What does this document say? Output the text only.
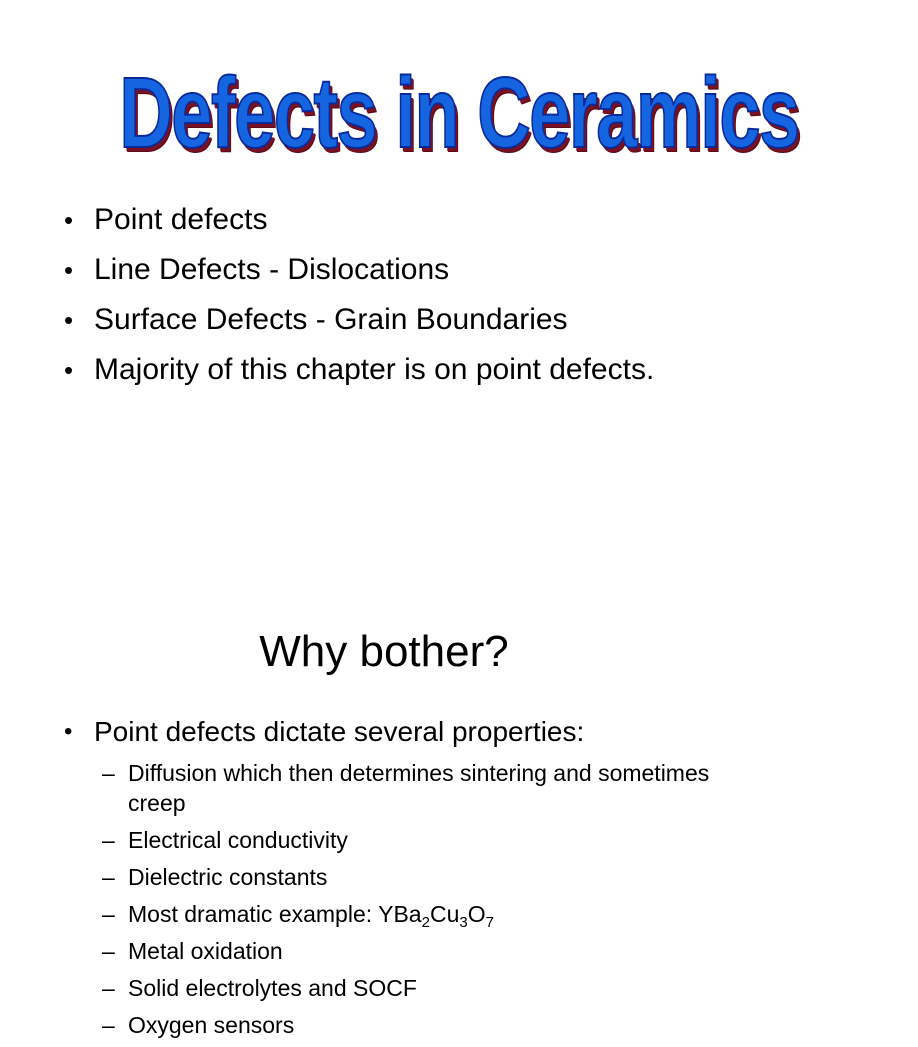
Defects in Ceramics
• Point defects
• Line Defects - Dislocations
• Surface Defects - Grain Boundaries
• Majority of this chapter is on point defects.
Why bother?
• Point defects dictate several properties:
– Diffusion which then determines sintering and sometimes creep
– Electrical conductivity
– Dielectric constants
– Most dramatic example: $YBa_2Cu_3O_7$
– Metal oxidation
– Solid electrolytes and SOCF
– Oxygen sensors
